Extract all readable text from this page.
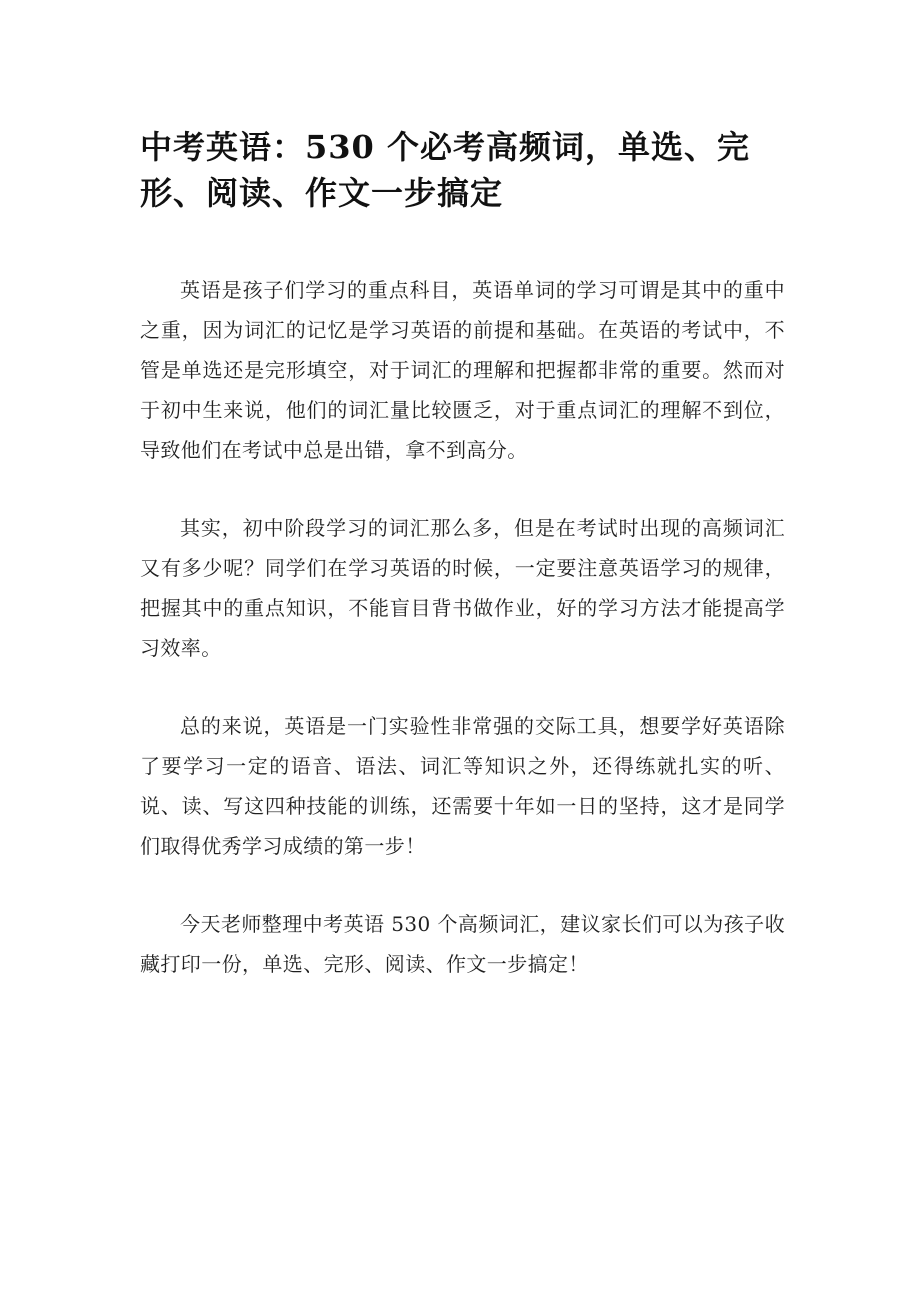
中考英语：530 个必考高频词，单选、完形、阅读、作文一步搞定

英语是孩子们学习的重点科目，英语单词的学习可谓是其中的重中之重，因为词汇的记忆是学习英语的前提和基础。在英语的考试中，不管是单选还是完形填空，对于词汇的理解和把握都非常的重要。然而对于初中生来说，他们的词汇量比较匮乏，对于重点词汇的理解不到位，导致他们在考试中总是出错，拿不到高分。

其实，初中阶段学习的词汇那么多，但是在考试时出现的高频词汇又有多少呢？同学们在学习英语的时候，一定要注意英语学习的规律，把握其中的重点知识，不能盲目背书做作业，好的学习方法才能提高学习效率。

总的来说，英语是一门实验性非常强的交际工具，想要学好英语除了要学习一定的语音、语法、词汇等知识之外，还得练就扎实的听、说、读、写这四种技能的训练，还需要十年如一日的坚持，这才是同学们取得优秀学习成绩的第一步！

今天老师整理中考英语 530 个高频词汇，建议家长们可以为孩子收藏打印一份，单选、完形、阅读、作文一步搞定！
